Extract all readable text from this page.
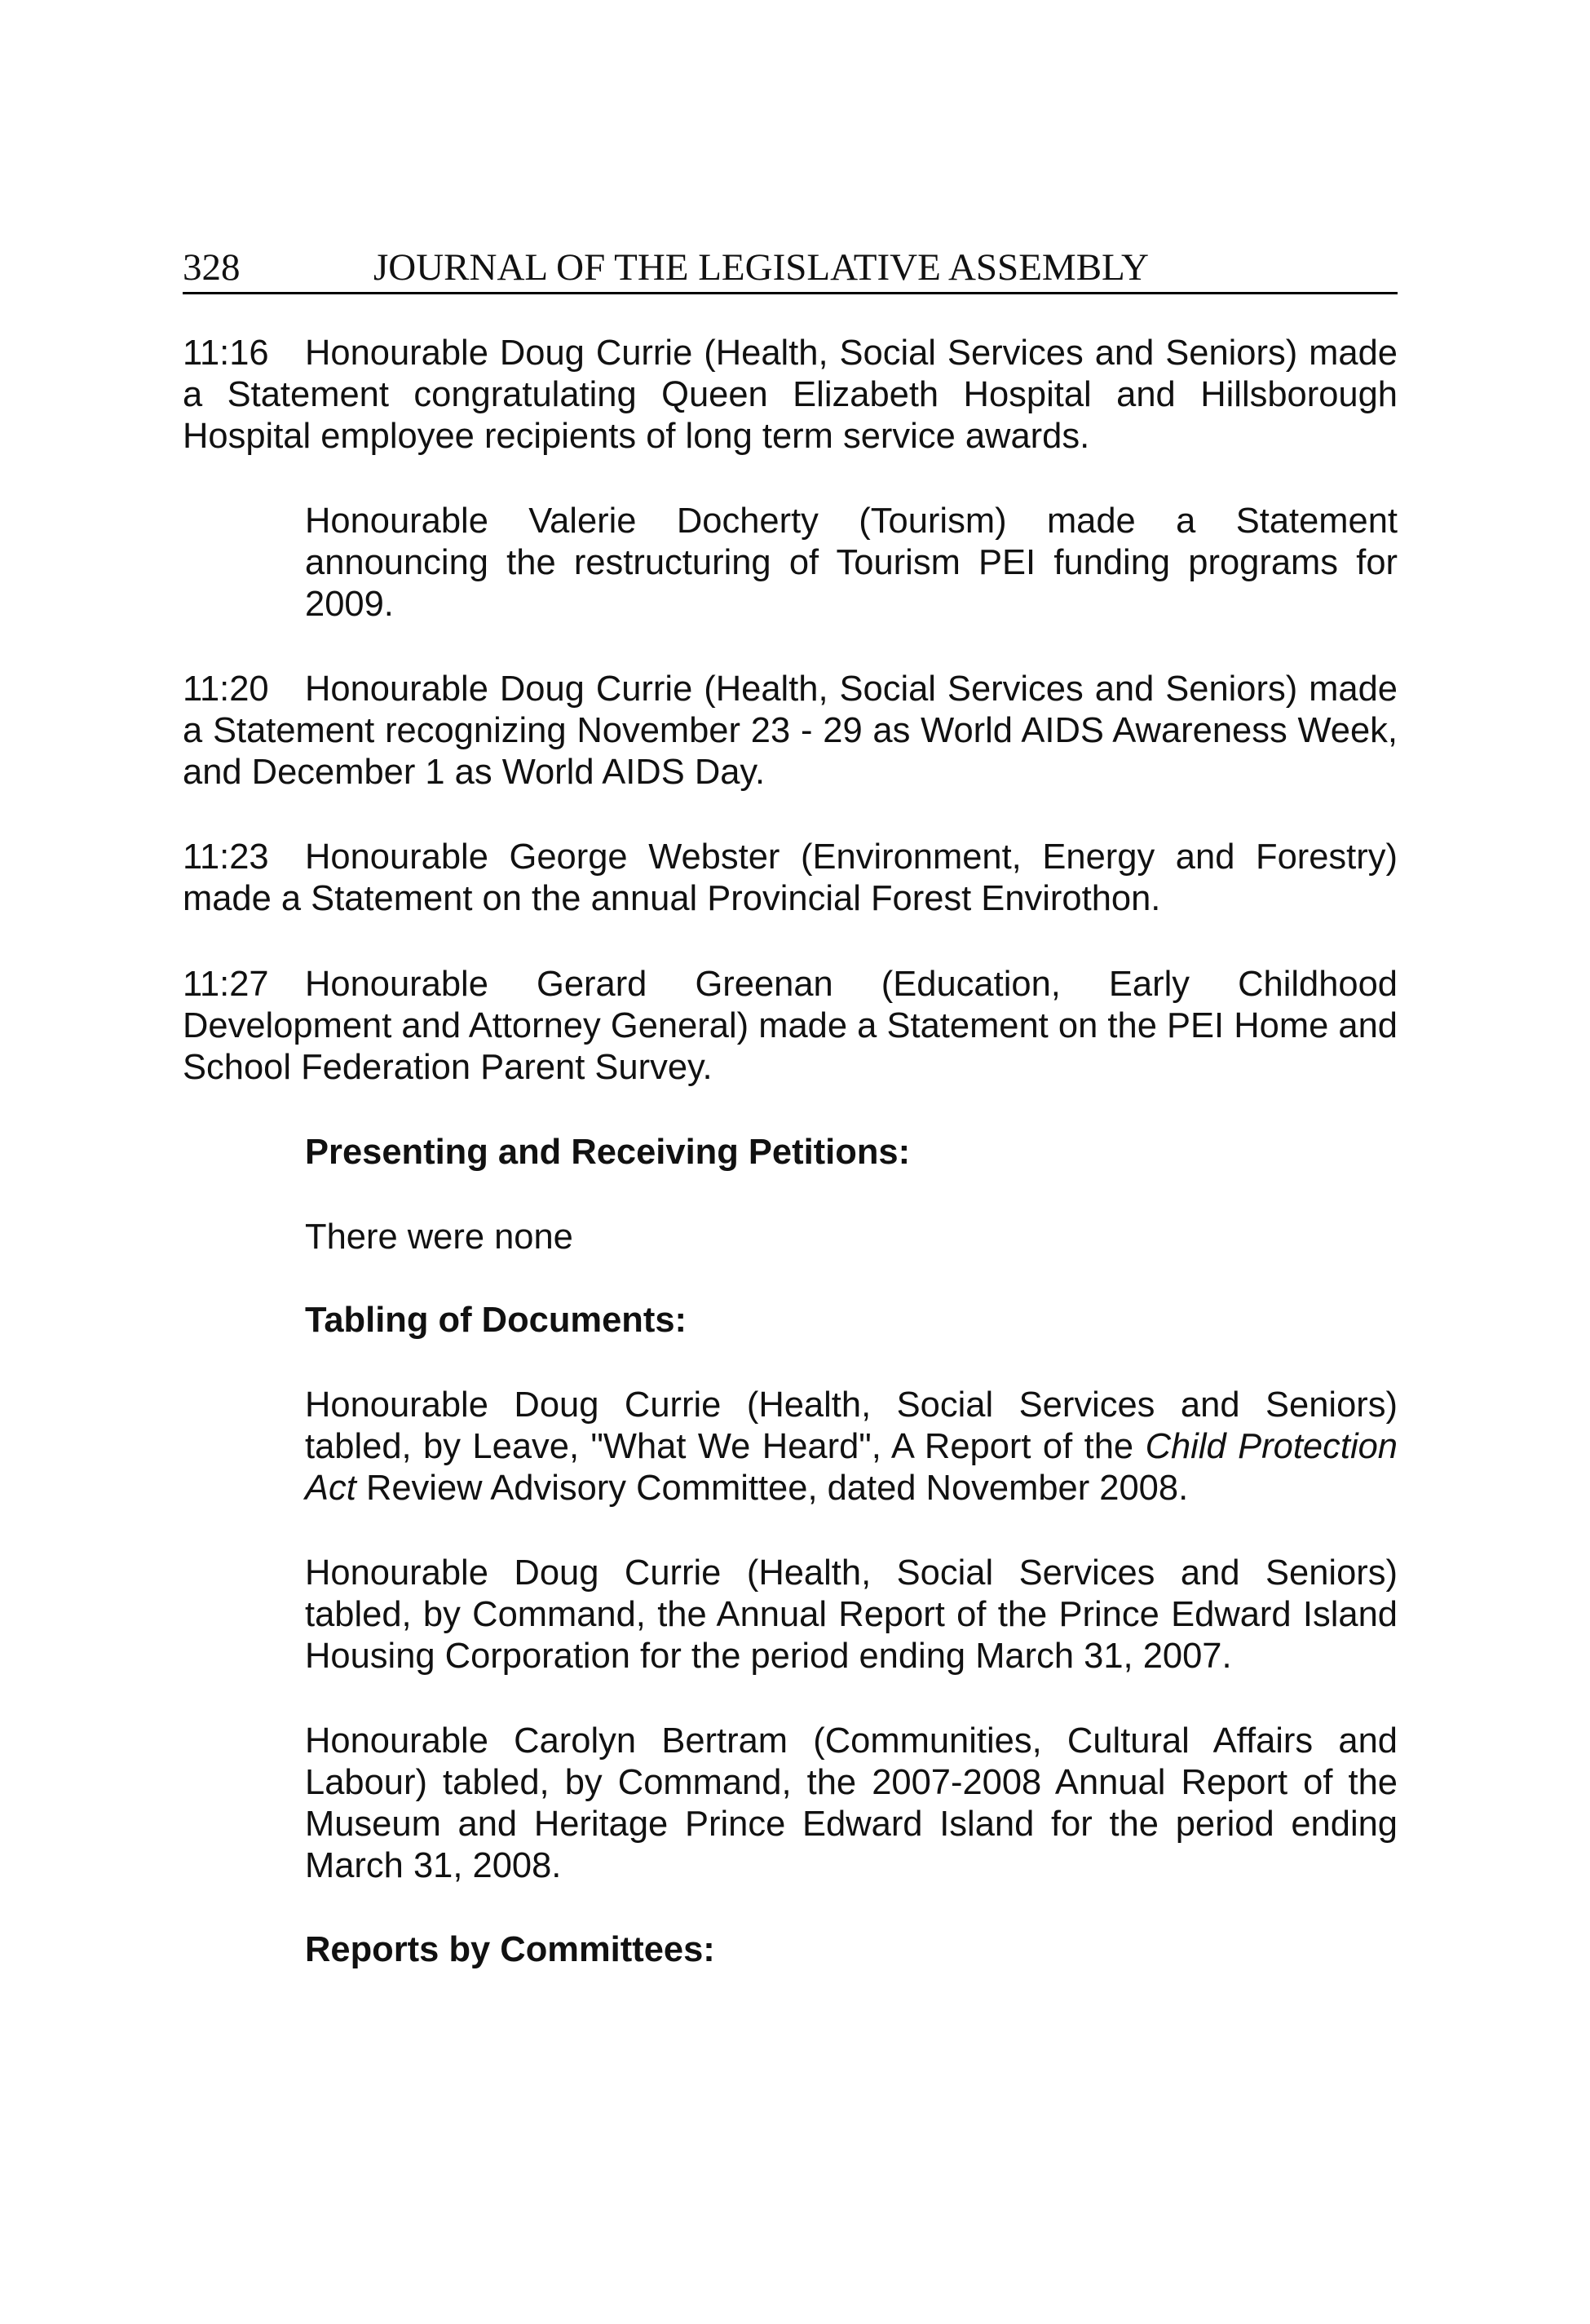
328	JOURNAL OF THE LEGISLATIVE ASSEMBLY

11:16 Honourable Doug Currie (Health, Social Services and Seniors) made a Statement congratulating Queen Elizabeth Hospital and Hillsborough Hospital employee recipients of long term service awards.

Honourable Valerie Docherty (Tourism) made a Statement announcing the restructuring of Tourism PEI funding programs for 2009.

11:20 Honourable Doug Currie (Health, Social Services and Seniors) made a Statement recognizing November 23 - 29 as World AIDS Awareness Week, and December 1 as World AIDS Day.

11:23 Honourable George Webster (Environment, Energy and Forestry) made a Statement on the annual Provincial Forest Envirothon.

11:27 Honourable Gerard Greenan (Education, Early Childhood Development and Attorney General) made a Statement on the PEI Home and School Federation Parent Survey.

Presenting and Receiving Petitions:

There were none

Tabling of Documents:

Honourable Doug Currie (Health, Social Services and Seniors) tabled, by Leave, "What We Heard", A Report of the Child Protection Act Review Advisory Committee, dated November 2008.

Honourable Doug Currie (Health, Social Services and Seniors) tabled, by Command, the Annual Report of the Prince Edward Island Housing Corporation for the period ending March 31, 2007.

Honourable Carolyn Bertram (Communities, Cultural Affairs and Labour) tabled, by Command, the 2007-2008 Annual Report of the Museum and Heritage Prince Edward Island for the period ending March 31, 2008.

Reports by Committees:
